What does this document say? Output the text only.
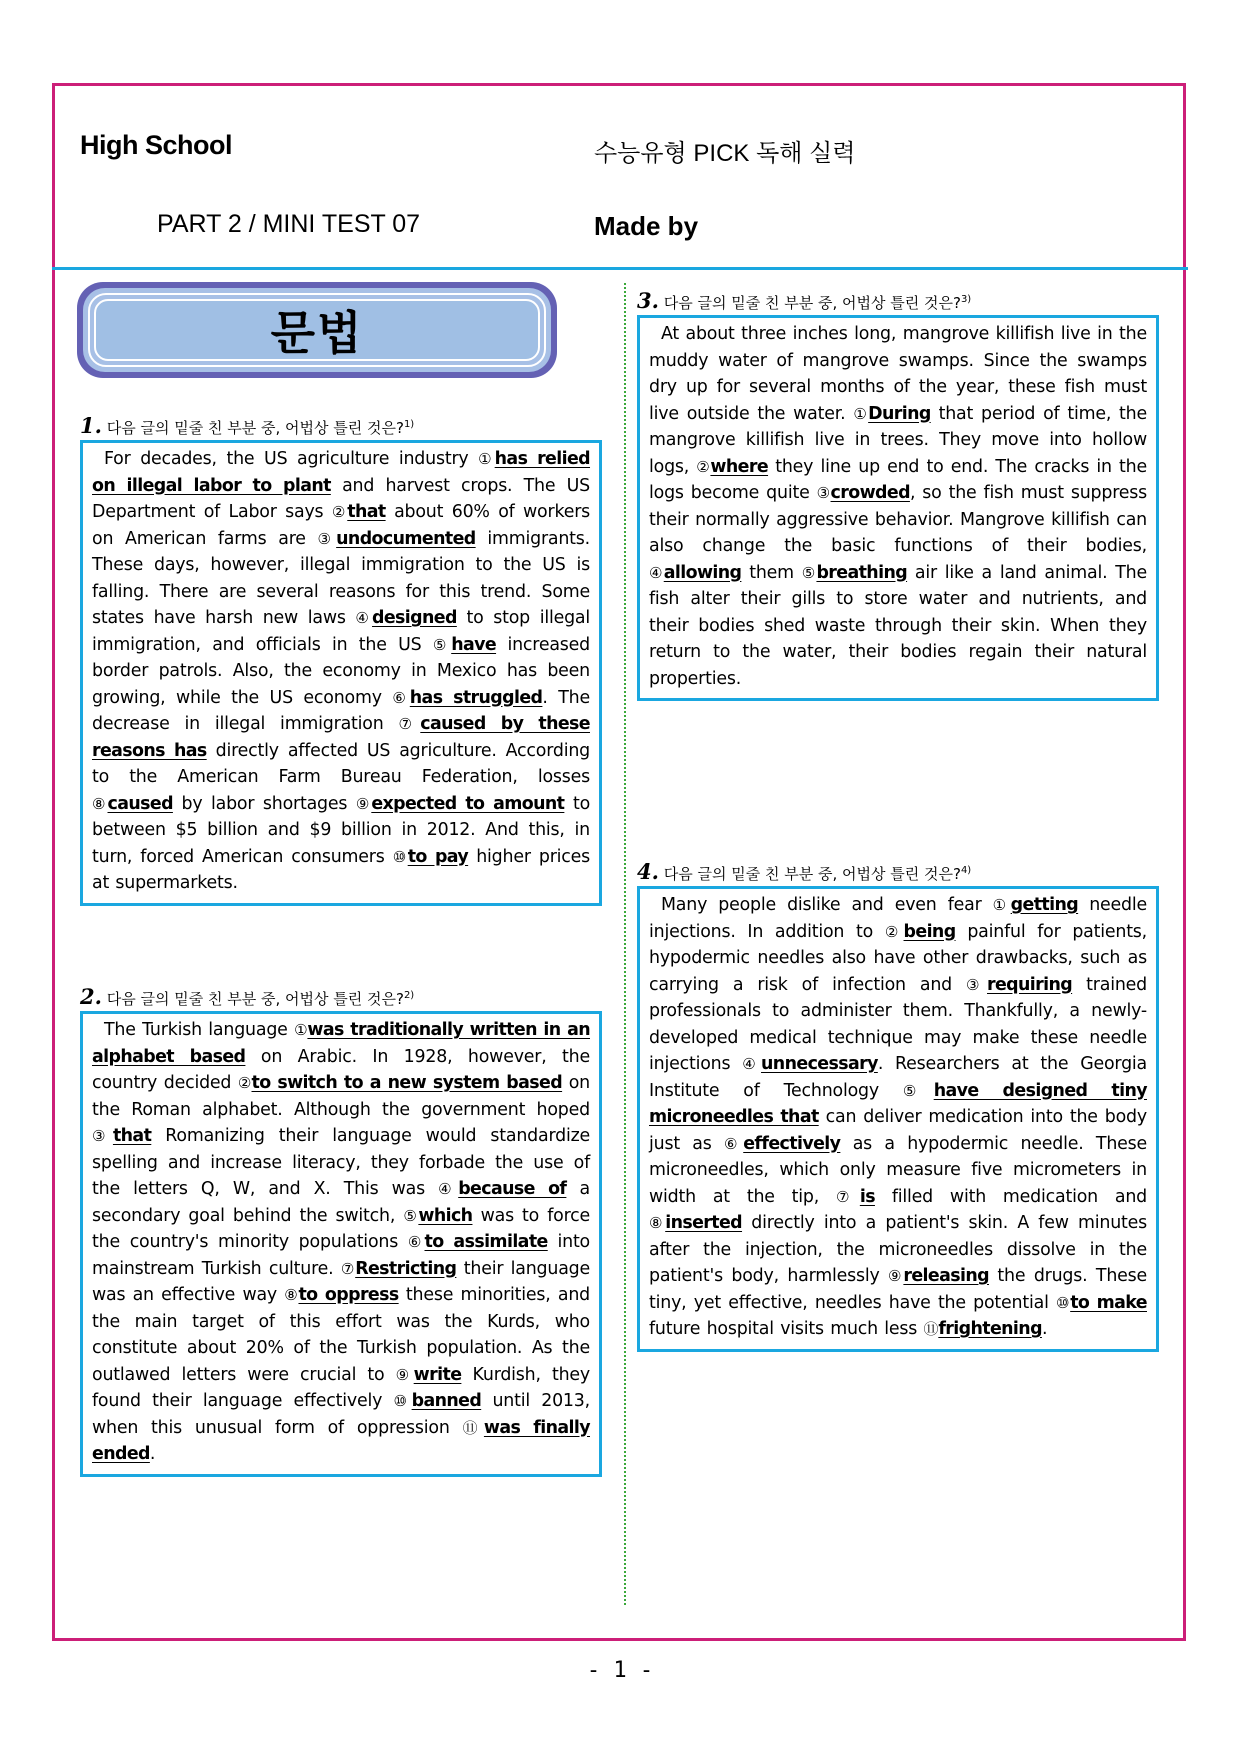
High School	수능유형 PICK 독해 실력
PART 2 / MINI TEST 07	Made by
문법
1. 다음 글의 밑줄 친 부분 중, 어법상 틀린 것은?$^{1)}$
For decades, the US agriculture industry ①has relied on illegal labor to plant and harvest crops. The US Department of Labor says ②that about 60% of workers on American farms are ③undocumented immigrants. These days, however, illegal immigration to the US is falling. There are several reasons for this trend. Some states have harsh new laws ④designed to stop illegal immigration, and officials in the US ⑤have increased border patrols. Also, the economy in Mexico has been growing, while the US economy ⑥has struggled. The decrease in illegal immigration ⑦caused by these reasons has directly affected US agriculture. According to the American Farm Bureau Federation, losses ⑧caused by labor shortages ⑨expected to amount to between $5 billion and $9 billion in 2012. And this, in turn, forced American consumers ⑩to pay higher prices at supermarkets.
2. 다음 글의 밑줄 친 부분 중, 어법상 틀린 것은?$^{2)}$
The Turkish language ①was traditionally written in an alphabet based on Arabic. In 1928, however, the country decided ②to switch to a new system based on the Roman alphabet. Although the government hoped ③that Romanizing their language would standardize spelling and increase literacy, they forbade the use of the letters Q, W, and X. This was ④because of a secondary goal behind the switch, ⑤which was to force the country's minority populations ⑥to assimilate into mainstream Turkish culture. ⑦Restricting their language was an effective way ⑧to oppress these minorities, and the main target of this effort was the Kurds, who constitute about 20% of the Turkish population. As the outlawed letters were crucial to ⑨write Kurdish, they found their language effectively ⑩banned until 2013, when this unusual form of oppression ⑪was finally ended.
3. 다음 글의 밑줄 친 부분 중, 어법상 틀린 것은?$^{3)}$
At about three inches long, mangrove killifish live in the muddy water of mangrove swamps. Since the swamps dry up for several months of the year, these fish must live outside the water. ①During that period of time, the mangrove killifish live in trees. They move into hollow logs, ②where they line up end to end. The cracks in the logs become quite ③crowded, so the fish must suppress their normally aggressive behavior. Mangrove killifish can also change the basic functions of their bodies, ④allowing them ⑤breathing air like a land animal. The fish alter their gills to store water and nutrients, and their bodies shed waste through their skin. When they return to the water, their bodies regain their natural properties.
4. 다음 글의 밑줄 친 부분 중, 어법상 틀린 것은?$^{4)}$
Many people dislike and even fear ①getting needle injections. In addition to ②being painful for patients, hypodermic needles also have other drawbacks, such as carrying a risk of infection and ③requiring trained professionals to administer them. Thankfully, a newly-developed medical technique may make these needle injections ④unnecessary. Researchers at the Georgia Institute of Technology ⑤have designed tiny microneedles that can deliver medication into the body just as ⑥effectively as a hypodermic needle. These microneedles, which only measure five micrometers in width at the tip, ⑦is filled with medication and ⑧inserted directly into a patient's skin. A few minutes after the injection, the microneedles dissolve in the patient's body, harmlessly ⑨releasing the drugs. These tiny, yet effective, needles have the potential ⑩to make future hospital visits much less ⑪frightening.
- 1 -
